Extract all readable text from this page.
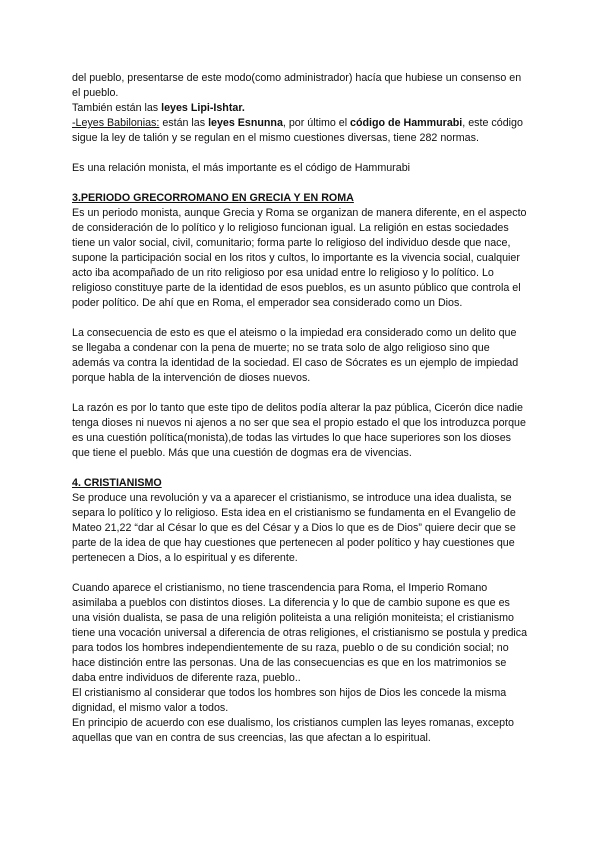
del pueblo, presentarse de este modo(como administrador) hacía que hubiese un consenso en el pueblo.

También están las leyes Lipi-Ishtar.

-Leyes Babilonias: están las leyes Esnunna, por último el código de Hammurabi, este código sigue la ley de talión y se regulan en el mismo cuestiones diversas, tiene 282 normas.

Es una relación monista, el más importante es el código de Hammurabi

3.PERIODO GRECORROMANO EN GRECIA Y EN ROMA

Es un periodo monista, aunque Grecia y Roma se organizan de manera diferente, en el aspecto de consideración de lo político y lo religioso funcionan igual. La religión en estas sociedades tiene un valor social, civil, comunitario; forma parte lo religioso del individuo desde que nace, supone la participación social en los ritos y cultos, lo importante es la vivencia social, cualquier acto iba acompañado de un rito religioso por esa unidad entre lo religioso y lo político. Lo religioso constituye parte de la identidad de esos pueblos, es un asunto público que controla el poder político. De ahí que en Roma, el emperador sea considerado como un Dios.

La consecuencia de esto es que el ateismo o la impiedad era considerado como un delito que se llegaba a condenar con la pena de muerte; no se trata solo de algo religioso sino que además va contra la identidad de la sociedad. El caso de Sócrates es un ejemplo de impiedad porque habla de la intervención de dioses nuevos.

La razón es por lo tanto que este tipo de delitos podía alterar la paz pública, Cicerón dice nadie tenga dioses ni nuevos ni ajenos a no ser que sea el propio estado el que los introduzca porque es una cuestión política(monista),de todas las virtudes lo que hace superiores son los dioses que tiene el pueblo. Más que una cuestión de dogmas era de vivencias.

4. CRISTIANISMO

Se produce una revolución y va a aparecer el cristianismo, se introduce una idea dualista, se separa lo político y lo religioso. Esta idea en el cristianismo se fundamenta en el Evangelio de Mateo 21,22 “dar al César lo que es del César y a Dios lo que es de Dios” quiere decir que se parte de la idea de que hay cuestiones que pertenecen al poder político y hay cuestiones que pertenecen a Dios, a lo espiritual y es diferente.

Cuando aparece el cristianismo, no tiene trascendencia para Roma, el Imperio Romano asimilaba a pueblos con distintos dioses. La diferencia y lo que de cambio supone es que es una visión dualista, se pasa de una religión politeista a una religión moniteista; el cristianismo tiene una vocación universal a diferencia de otras religiones, el cristianismo se postula y predica para todos los hombres independientemente de su raza, pueblo o de su condición social; no hace distinción entre las personas. Una de las consecuencias es que en los matrimonios se daba entre individuos de diferente raza, pueblo..

El cristianismo al considerar que todos los hombres son hijos de Dios les concede la misma dignidad, el mismo valor a todos.

En principio de acuerdo con ese dualismo, los cristianos cumplen las leyes romanas, excepto aquellas que van en contra de sus creencias, las que afectan a lo espiritual.
